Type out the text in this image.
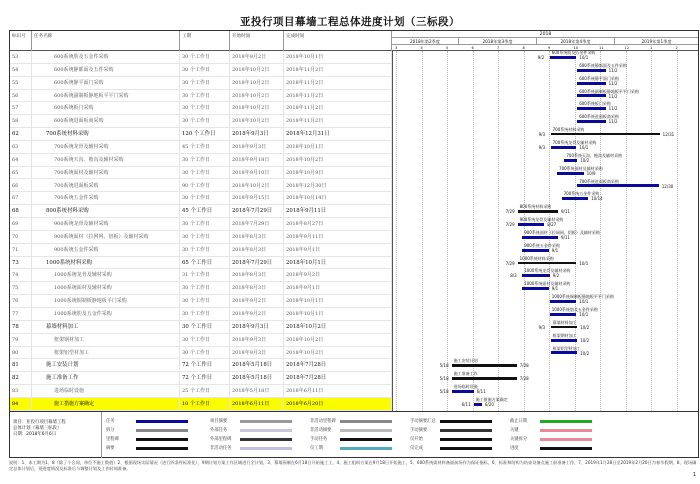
亚投行项目幕墙工程总体进度计划（三标段）
标识号	任务名称	工期	开始时间	完成时间	2018
2018年第2季度	2018年第3季度	2018年第4季度	2019年第1季度
3	4	5	6	7	8	9	10	11	12	1	2
53	600系统肋及五金件采购	30 个工作日	2018年9月2日	2018年10月1日
54	600系统静都面及五件采购	30 个工作日	2018年10月2日	2018年11月2日
55	600系统静平面门采购	30 个工作日	2018年10月2日	2018年11月2日
56	600系统副制板静地板平平门采购	30 个工作日	2018年10月2日	2018年11月2日
57	600系统板门采购	30 个工作日	2018年10月2日	2018年11月2日
58	600系统进面板商采购	30 个工作日	2018年10月2日	2018年11月2日
62	700系统材料采购	120 个工作日	2018年9月3日	2018年12月31日
63	700系统龙骨及辅材采购	45 个工作日	2018年9月3日	2018年10月1日
64	700系统天沟、檐沟及辅材采购	30 个工作日	2018年9月18日	2018年10月2日
65	700系统面材及辅材采购	30 个工作日	2018年9月10日	2018年10月9日
66	700系统进面板采购	90 个工作日	2018年10月2日	2018年12月30日
67	700系统五金件采购	30 个工作日	2018年9月15日	2018年10月14日
68	800系统材料采购	45 个工作日	2018年7月29日	2018年9月11日
69	900系统龙骨及辅材采购	30 个工作日	2018年7月29日	2018年8月27日
70	900系统面材（拉网网、铝板）及辅材采购	30 个工作日	2018年8月3日	2018年9月11日
71	900系统五金件采购	30 个工作日	2018年8月3日	2018年9月1日
73	1000系统材料采购	65 个工作日	2018年7月29日	2018年10月1日
74	1000系统龙骨及辅材采购	31 个工作日	2018年8月3日	2018年9月2日
75	1000系统面材及辅材采购	30 个工作日	2018年8月3日	2018年9月1日
76	1000系统铜制板静地板平门采购	30 个工作日	2018年9月2日	2018年10月1日
77	1000系统肋及五金件采购	30 个工作日	2018年9月2日	2018年10月1日
78	幕墙材料加工	30 个工作日	2018年9月3日	2018年10月2日
79	框架钢材加工	30 个工作日	2018年9月3日	2018年10月2日
80	框架铝型材加工	30 个工作日	2018年9月3日	2018年10月2日
81	施工安装计划	72 个工作日	2018年5月18日	2018年7月28日
82	施工准备工作	72 个工作日	2018年5月18日	2018年7月28日
83	进场临时设施	25 个工作日	2018年5月18日	2018年6月11日
84	施工措施方案确定	10 个工作日	2018年6月11日	2018年6月20日
600系统肋及五金件采购
9/2	10/1
600系统静都面及五件采购
11/2
600系统静平面门采购
11/2
600系统副制板静地板平平门采购
11/2
600系统板门采购
11/2
600系统进面板商采购
11/2
700系统材料采购
9/3	12/31
700系统龙骨及辅材采购
9/3	10/1
700系统天沟、檐沟及辅材采购
10/2
700系统面材及辅材采购
10/9
700系统进面板商采购
12/30
700系统五金件采购
10/14
800系统材料采购
7/29	9/11
900系统龙骨及辅材采购
7/29	8/27
900系统面材（拉网网、铝板）及辅材采购
9/11
900系统五金件采购
9/1
1000系统材料采购
7/29	10/1
1000系统龙骨及辅材采购
8/3	9/2
1000系统面材及辅材采购
9/1
1000系统铜制板静地板平平门采购
10/1
1000系统肋及五金件采购
10/1
幕墙材料加工
9/3	10/2
框架钢材加工
10/2
框架铝型材加工
10/2
施工安装计划
5/18	7/28
施工准备工作
5/18	7/28
进场临时设施
5/18	6/11
施工措施方案确定
6/11	6/20
项目：亚投行项目幕墙工程
总体计划（幕墙三标段）
日期：2018年6月6日
任务
拆分
里程碑
摘要
项目摘要
外部任务
外部里程碑
非活动任务
非活动里程碑
非活动摘要
手动任务
仅工期
手动摘要汇总
手动摘要
仅开始
仅完成
截止日期
关键
关键拆分
进度
说明：1、本工期为1、8（除了个合同，单位不施工数值）2、根据现场实际情况（进行四条件标准化）、9期计划方案工作区域进行全计划，3、幕墙预制在6月18日开始施工工，4、施工组织方案在9月18日开始施工，5、600系统需材料备面前场作为保证指标，6、标准和结构为结束设备点施工前准备工作，7、2019年1月28日至2019年2月20日为春节假期，8、现场确定总体计划后，现进度情况及标准后与调整计划及工作时间准备。
1
